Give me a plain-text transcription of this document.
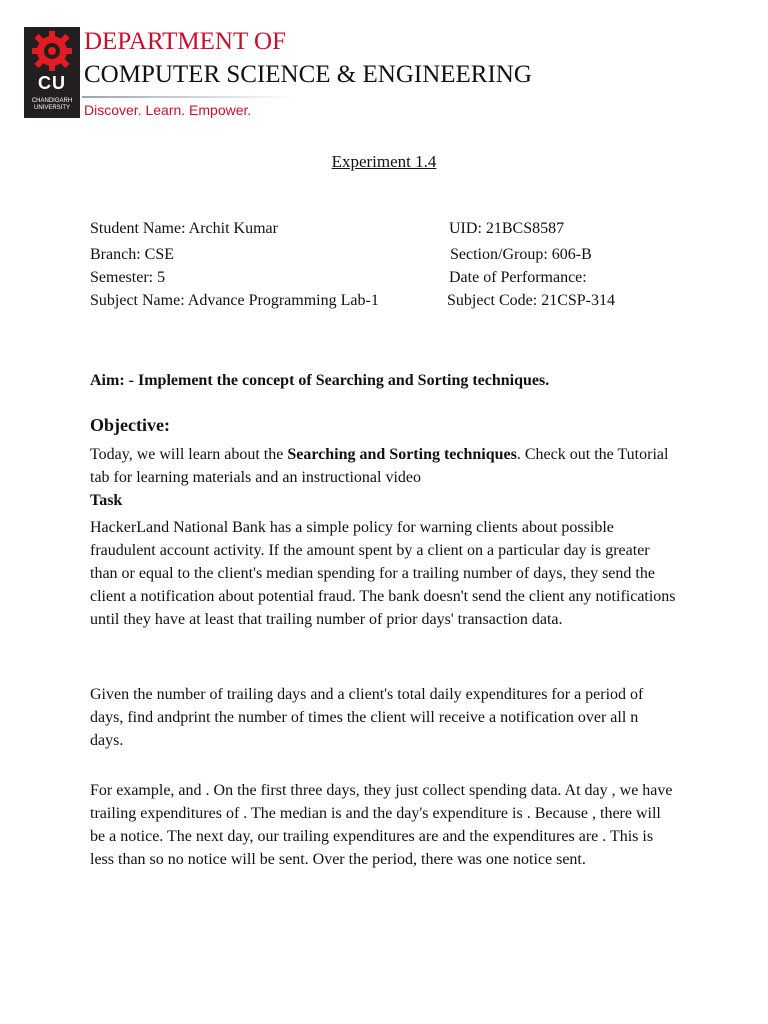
CU
CHANDIGARH UNIVERSITY
DEPARTMENT OF
COMPUTER SCIENCE & ENGINEERING
Discover. Learn. Empower.
Experiment 1.4
Student Name: Archit Kumar	UID: 21BCS8587
Branch: CSE	Section/Group: 606-B
Semester: 5	Date of Performance:
Subject Name: Advance Programming Lab-1	Subject Code: 21CSP-314
Aim: - Implement the concept of Searching and Sorting techniques.
Objective:
Today, we will learn about the Searching and Sorting techniques. Check out the Tutorial tab for learning materials and an instructional video
Task
HackerLand National Bank has a simple policy for warning clients about possible fraudulent account activity. If the amount spent by a client on a particular day is greater than or equal to the client's median spending for a trailing number of days, they send the client a notification about potential fraud. The bank doesn't send the client any notifications until they have at least that trailing number of prior days' transaction data.
Given the number of trailing days and a client's total daily expenditures for a period of days, find andprint the number of times the client will receive a notification over all n days.
For example, and . On the first three days, they just collect spending data. At day , we have trailing expenditures of . The median is and the day's expenditure is . Because , there will be a notice. The next day, our trailing expenditures are and the expenditures are . This is less than so no notice will be sent. Over the period, there was one notice sent.
